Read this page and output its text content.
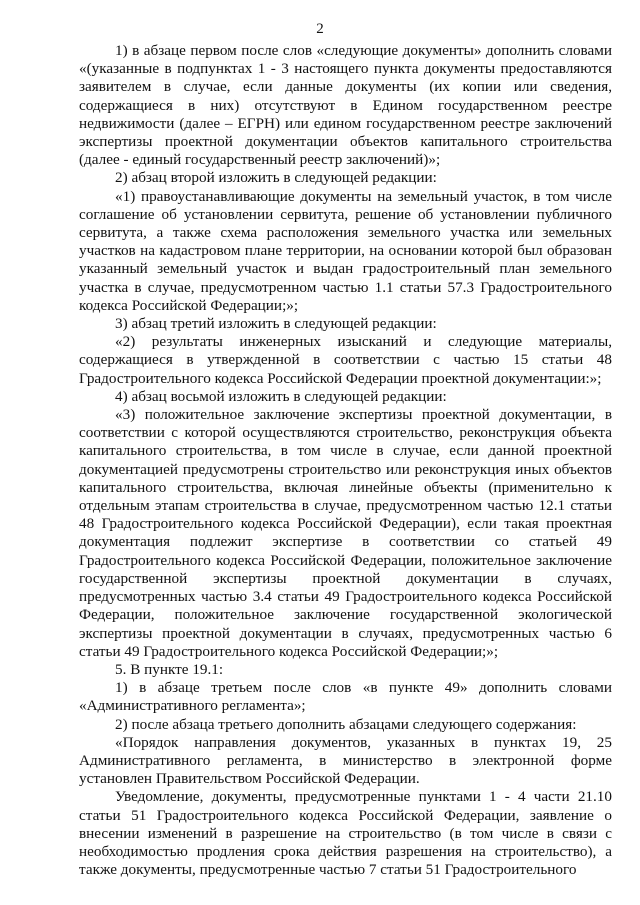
2

1) в абзаце первом после слов «следующие документы» дополнить словами «(указанные в подпунктах 1 - 3 настоящего пункта документы предоставляются заявителем в случае, если данные документы (их копии или сведения, содержащиеся в них) отсутствуют в Едином государственном реестре недвижимости (далее – ЕГРН) или едином государственном реестре заключений экспертизы проектной документации объектов капитального строительства (далее - единый государственный реестр заключений)»;

2) абзац второй изложить в следующей редакции:

«1) правоустанавливающие документы на земельный участок, в том числе соглашение об установлении сервитута, решение об установлении публичного сервитута, а также схема расположения земельного участка или земельных участков на кадастровом плане территории, на основании которой был образован указанный земельный участок и выдан градостроительный план земельного участка в случае, предусмотренном частью 1.1 статьи 57.3 Градостроительного кодекса Российской Федерации;»;

3) абзац третий изложить в следующей редакции:

«2) результаты инженерных изысканий и следующие материалы, содержащиеся в утвержденной в соответствии с частью 15 статьи 48 Градостроительного кодекса Российской Федерации проектной документации:»;

4) абзац восьмой изложить в следующей редакции:

«3) положительное заключение экспертизы проектной документации, в соответствии с которой осуществляются строительство, реконструкция объекта капитального строительства, в том числе в случае, если данной проектной документацией предусмотрены строительство или реконструкция иных объектов капитального строительства, включая линейные объекты (применительно к отдельным этапам строительства в случае, предусмотренном частью 12.1 статьи 48 Градостроительного кодекса Российской Федерации), если такая проектная документация подлежит экспертизе в соответствии со статьей 49 Градостроительного кодекса Российской Федерации, положительное заключение государственной экспертизы проектной документации в случаях, предусмотренных частью 3.4 статьи 49 Градостроительного кодекса Российской Федерации, положительное заключение государственной экологической экспертизы проектной документации в случаях, предусмотренных частью 6 статьи 49 Градостроительного кодекса Российской Федерации;»;

5. В пункте 19.1:

1) в абзаце третьем после слов «в пункте 49» дополнить словами «Административного регламента»;

2) после абзаца третьего дополнить абзацами следующего содержания:

«Порядок направления документов, указанных в пунктах 19, 25 Административного регламента, в министерство в электронной форме установлен Правительством Российской Федерации.

Уведомление, документы, предусмотренные пунктами 1 - 4 части 21.10 статьи 51 Градостроительного кодекса Российской Федерации, заявление о внесении изменений в разрешение на строительство (в том числе в связи с необходимостью продления срока действия разрешения на строительство), а также документы, предусмотренные частью 7 статьи 51 Градостроительного
